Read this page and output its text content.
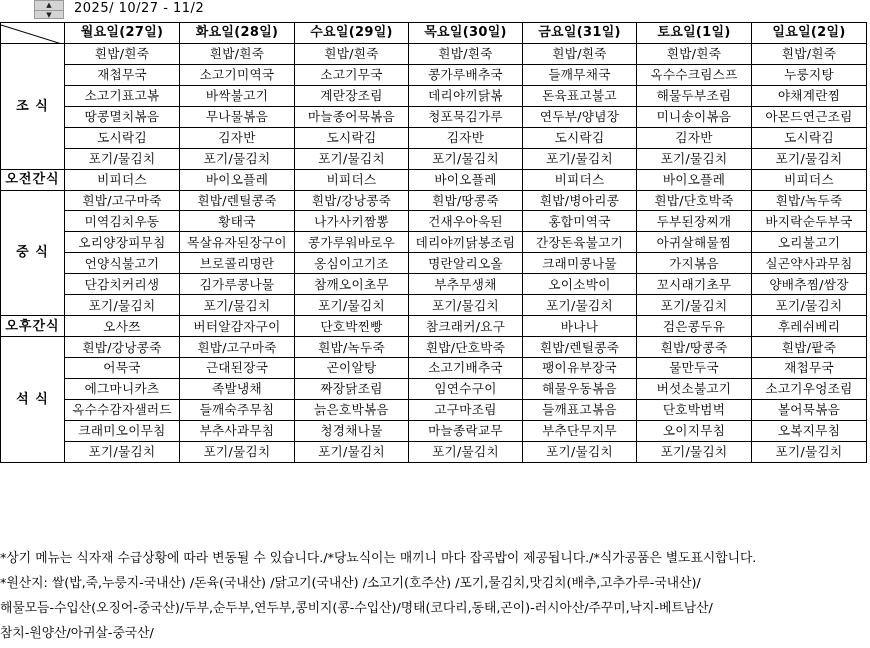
▲
▼	2025/ 10/27 - 11/2
	월요일(27일)	화요일(28일)	수요일(29일)	목요일(30일)	금요일(31일)	토요일(1일)	일요일(2일)
조 식	흰밥/흰죽	흰밥/흰죽	흰밥/흰죽	흰밥/흰죽	흰밥/흰죽	흰밥/흰죽	흰밥/흰죽
	재첩무국	소고기미역국	소고기무국	콩가루배추국	들깨무채국	옥수수크림스프	누룽지탕
	소고기표고볶	바싹불고기	계란장조림	데리야끼닭볶	돈육표고불고	해물두부조림	야채계란찜
	땅콩멸치볶음	무나물볶음	마늘종어묵볶음	청포묵김가루	연두부/양념장	미니송이볶음	아몬드연근조림
	도시락김	김자반	도시락김	김자반	도시락김	김자반	도시락김
	포기/물김치	포기/물김치	포기/물김치	포기/물김치	포기/물김치	포기/물김치	포기/물김치
오전간식	비피더스	바이오플레	비피더스	바이오플레	비피더스	바이오플레	비피더스
중 식	흰밥/고구마죽	흰밥/렌틸콩죽	흰밥/강낭콩죽	흰밥/땅콩죽	흰밥/병아리콩	흰밥/단호박죽	흰밥/녹두죽
	미역김치우동	황태국	나가사키짬뽕	건새우아욱된	홍합미역국	두부된장찌개	바지락순두부국
	오리양장피무침	목살유자된장구이	콩가루워바로우	데리야끼닭봉조림	간장돈육불고기	아귀살해물찜	오리불고기
	언양식불고기	브로콜리명란	옹심이고기조	명란알리오올	크래미콩나물	가지볶음	실곤약사과무침
	단감치커리생	김가루콩나물	참깨오이초무	부추무생채	오이소박이	꼬시래기초무	양배추찜/쌈장
	포기/물김치	포기/물김치	포기/물김치	포기/물김치	포기/물김치	포기/물김치	포기/물김치
오후간식	오사쯔	버터알감자구이	단호박찐빵	참크래커/요구	바나나	검은콩두유	후레쉬베리
석 식	흰밥/강낭콩죽	흰밥/고구마죽	흰밥/녹두죽	흰밥/단호박죽	흰밥/렌틸콩죽	흰밥/땅콩죽	흰밥/팥죽
	어묵국	근대된장국	곤이알탕	소고기배추국	팽이유부장국	물만두국	재첩무국
	에그마니카츠	족발냉채	짜장닭조림	임연수구이	해물우동볶음	버섯소불고기	소고기우엉조림
	옥수수감자샐러드	들깨숙주무침	늙은호박볶음	고구마조림	들깨표고볶음	단호박범벅	볼어묵볶음
	크래미오이무침	부추사과무침	청경채나물	마늘종락교무	부추단무지무	오이지무침	오복지무침
	포기/물김치	포기/물김치	포기/물김치	포기/물김치	포기/물김치	포기/물김치	포기/물김치
*상기 메뉴는 식자재 수급상황에 따라 변동될 수 있습니다./*당뇨식이는 매끼니 마다 잡곡밥이 제공됩니다./*식가공품은 별도표시합니다.
*원산지: 쌀(밥,죽,누룽지-국내산) /돈육(국내산) /닭고기(국내산) /소고기(호주산) /포기,물김치,맛김치(배추,고추가루-국내산)/
해물모듬-수입산(오징어-중국산)/두부,순두부,연두부,콩비지(콩-수입산)/명태(코다리,동태,곤이)-러시아산/주꾸미,낙지-베트남산/
참치-원양산/아귀살-중국산/
